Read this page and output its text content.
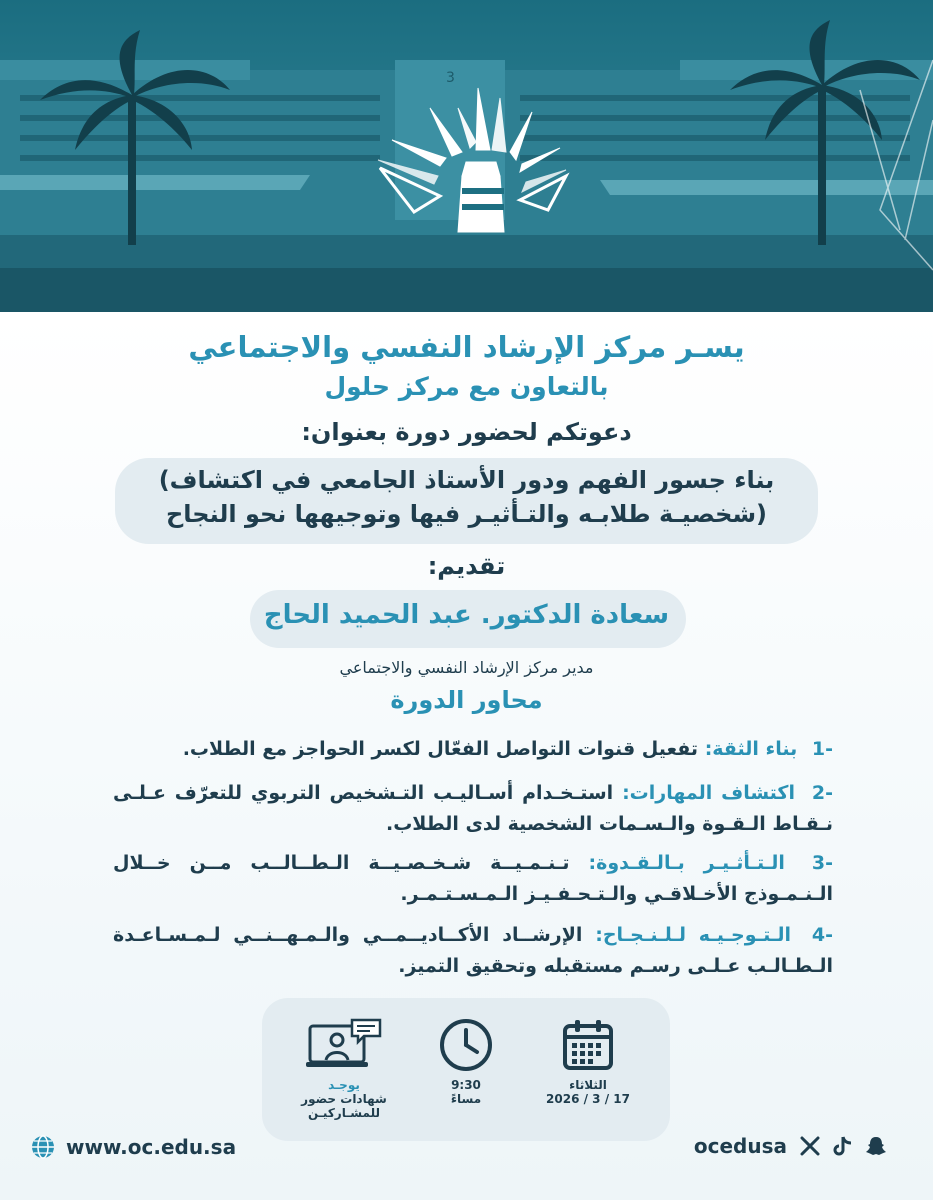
3
يسـر مركز الإرشاد النفسي والاجتماعي
بالتعاون مع مركز حلول
دعوتكم لحضور دورة بعنوان:
بناء جسور الفهم ودور الأستاذ الجامعي في اكتشاف)
(شخصيـة طلابـه والتـأثيـر فيها وتوجيهها نحو النجاح
تقديم:
سعادة الدكتور. عبد الحميد الحاج
مدير مركز الإرشاد النفسي والاجتماعي
محاور الدورة
-1 بناء الثقة: تفعيل قنوات التواصل الفعّال لكسر الحواجز مع الطلاب.
-2 اكتشاف المهارات: استـخـدام أسـاليـب التـشخيص التربوي للتعرّف عـلـى نـقـاط الـقـوة والـسـمات الشخصية لدى الطلاب.
-3 الـتـأثـيـر بـالـقـدوة: تـنـمـيــة شـخـصـيــة الـطــالــب مــن خــلال الـنـمـوذج الأخـلاقـي والـتـحـفـيـز الـمـسـتـمـر.
-4 الـتـوجـيـه لـلـنـجـاح: الإرشــاد الأكــاديــمــي والـمـهــنــي لـمـسـاعـدة الـطـالـب عـلـى رسـم مستقبله وتحقيق التميز.
يوجـد
شهادات حضور
للمشـاركيـن
9:30
مساءً
الثلاثاء
17 / 3 / 2026
www.oc.edu.sa	ocedusa
